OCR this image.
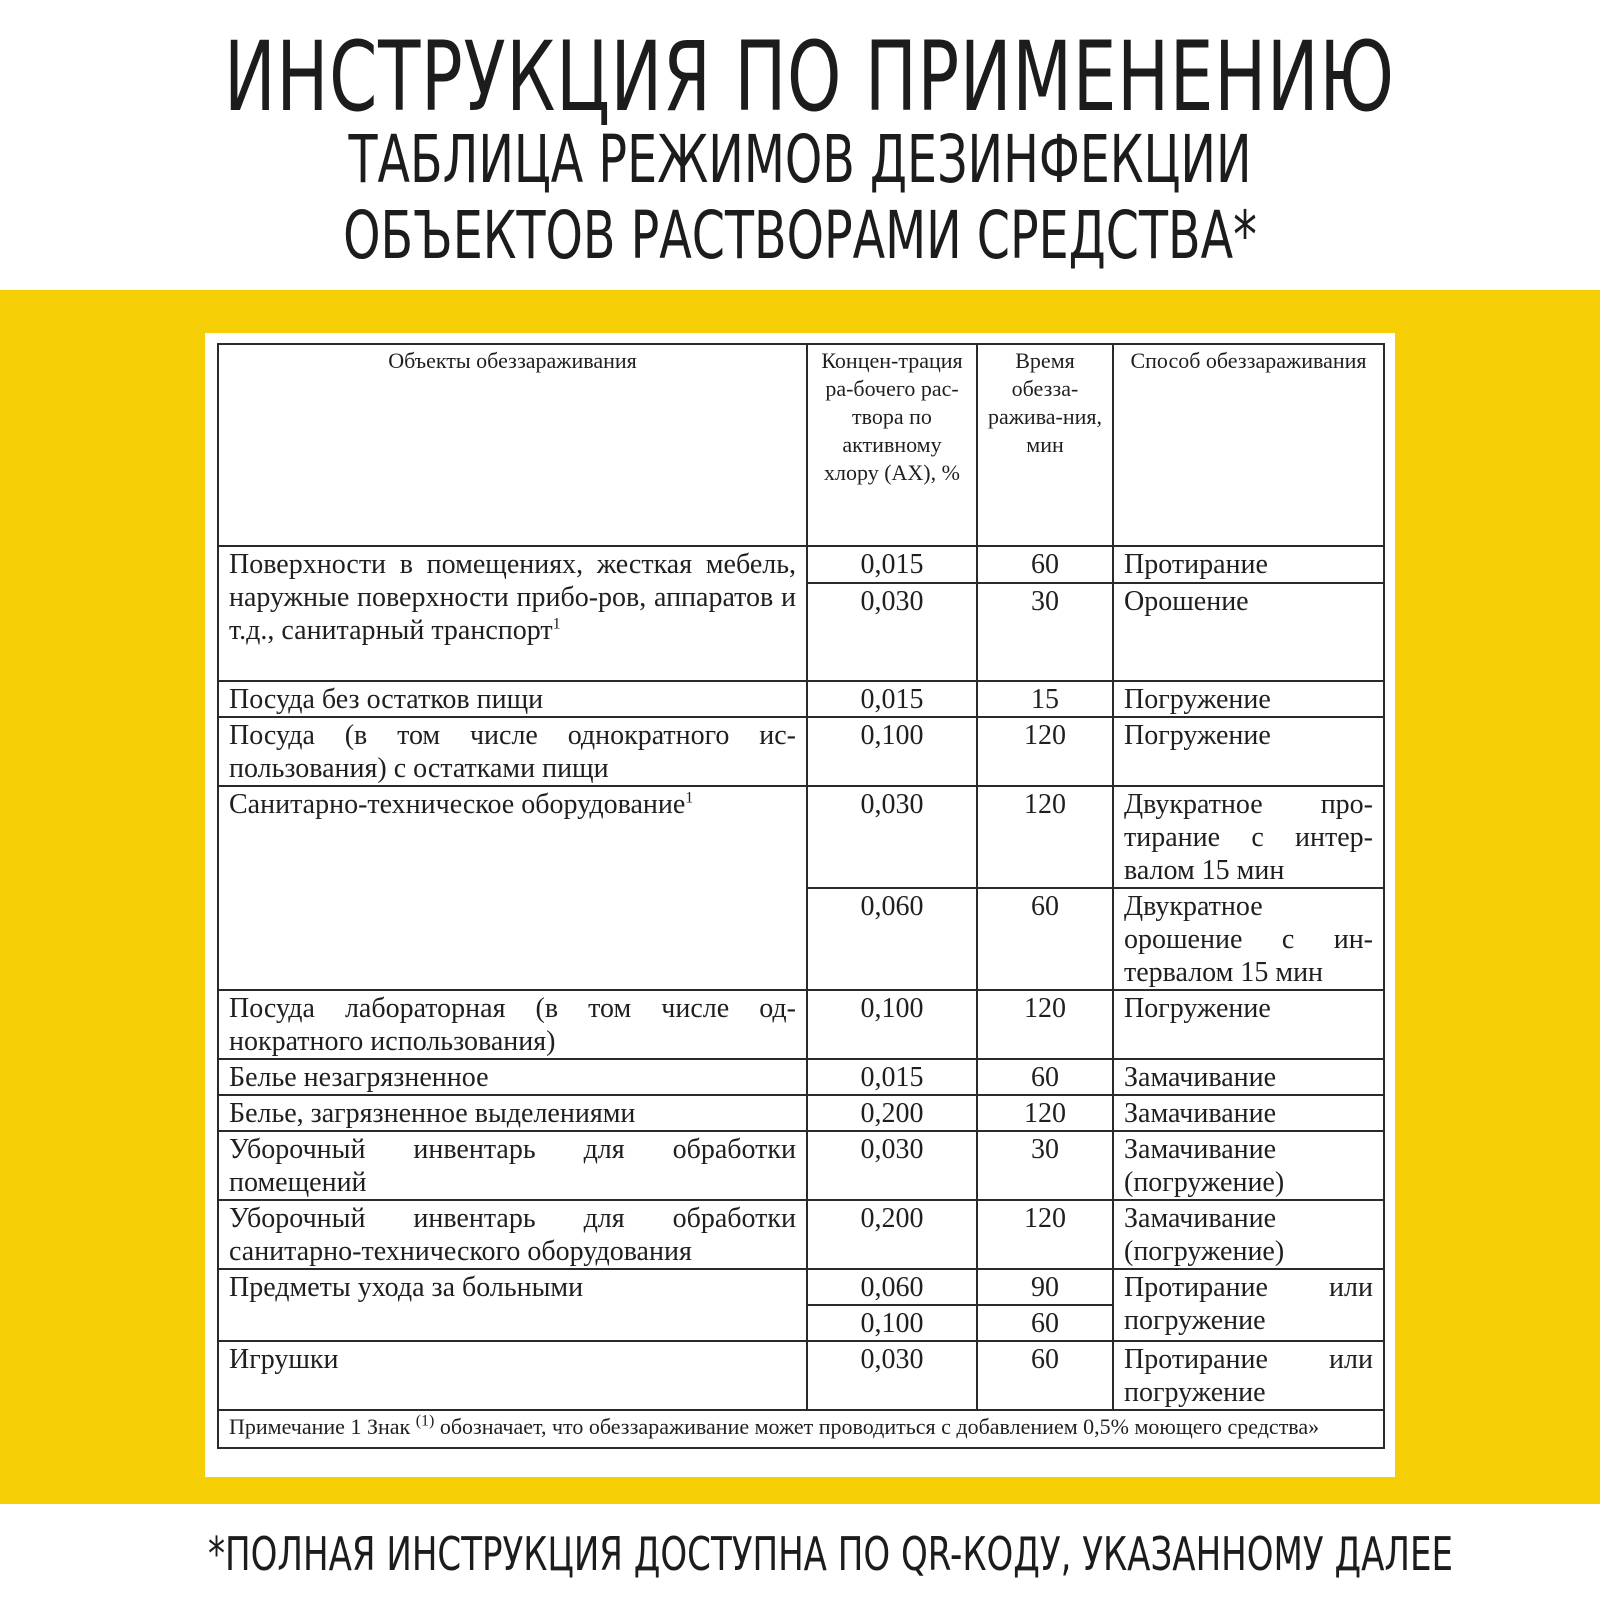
ИНСТРУКЦИЯ ПО ПРИМЕНЕНИЮ
ТАБЛИЦА РЕЖИМОВ ДЕЗИНФЕКЦИИ
ОБЪЕКТОВ РАСТВОРАМИ СРЕДСТВА*
Объекты обеззараживания	Концен-трация ра-бочего рас-твора по активному хлору (АХ), %	Время обезза-ражива-ния, мин	Способ обеззараживания
Поверхности в помещениях, жесткая мебель, наружные поверхности прибо-ров, аппаратов и т.д., санитарный транспорт$^1$	0,015	60	Протирание
	0,030	30	Орошение
Посуда без остатков пищи	0,015	15	Погружение
Посуда (в том числе однократного ис-пользования) с остатками пищи	0,100	120	Погружение
Санитарно-техническое оборудование$^1$	0,030	120	Двукратное про-тирание с интер-валом 15 мин
	0,060	60	Двукратное орошение с ин-тервалом 15 мин
Посуда лабораторная (в том числе од-нократного использования)	0,100	120	Погружение
Белье незагрязненное	0,015	60	Замачивание
Белье, загрязненное выделениями	0,200	120	Замачивание
Уборочный инвентарь для обработки помещений	0,030	30	Замачивание (погружение)
Уборочный инвентарь для обработки санитарно-технического оборудования	0,200	120	Замачивание (погружение)
Предметы ухода за больными	0,060	90	Протирание или погружение
	0,100	60	
Игрушки	0,030	60	Протирание или погружение
Примечание 1 Знак $^{(1)}$ обозначает, что обеззараживание может проводиться с добавлением 0,5% моющего средства»			
*ПОЛНАЯ ИНСТРУКЦИЯ ДОСТУПНА ПО QR-КОДУ, УКАЗАННОМУ ДАЛЕЕ
